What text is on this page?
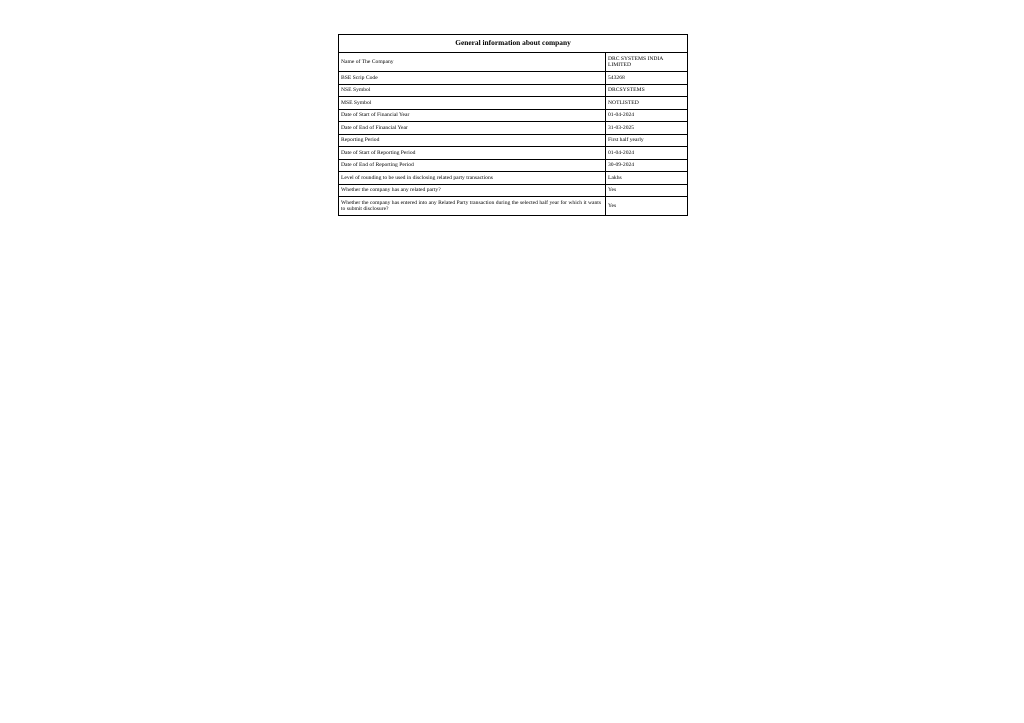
General information about company	
Name of The Company	DRC SYSTEMS INDIA LIMITED
BSE Scrip Code	543268
NSE Symbol	DRCSYSTEMS
MSE Symbol	NOTLISTED
Date of Start of Financial Year	01-04-2024
Date of End of Financial Year	31-03-2025
Reporting Period	First half yearly
Date of Start of Reporting Period	01-04-2024
Date of End of Reporting Period	30-09-2024
Level of rounding to be used in disclosing related party transactions	Lakhs
Whether the company has any related party?	Yes
Whether the company has entered into any Related Party transaction during the selected half year for which it wants to submit disclosure?	Yes
